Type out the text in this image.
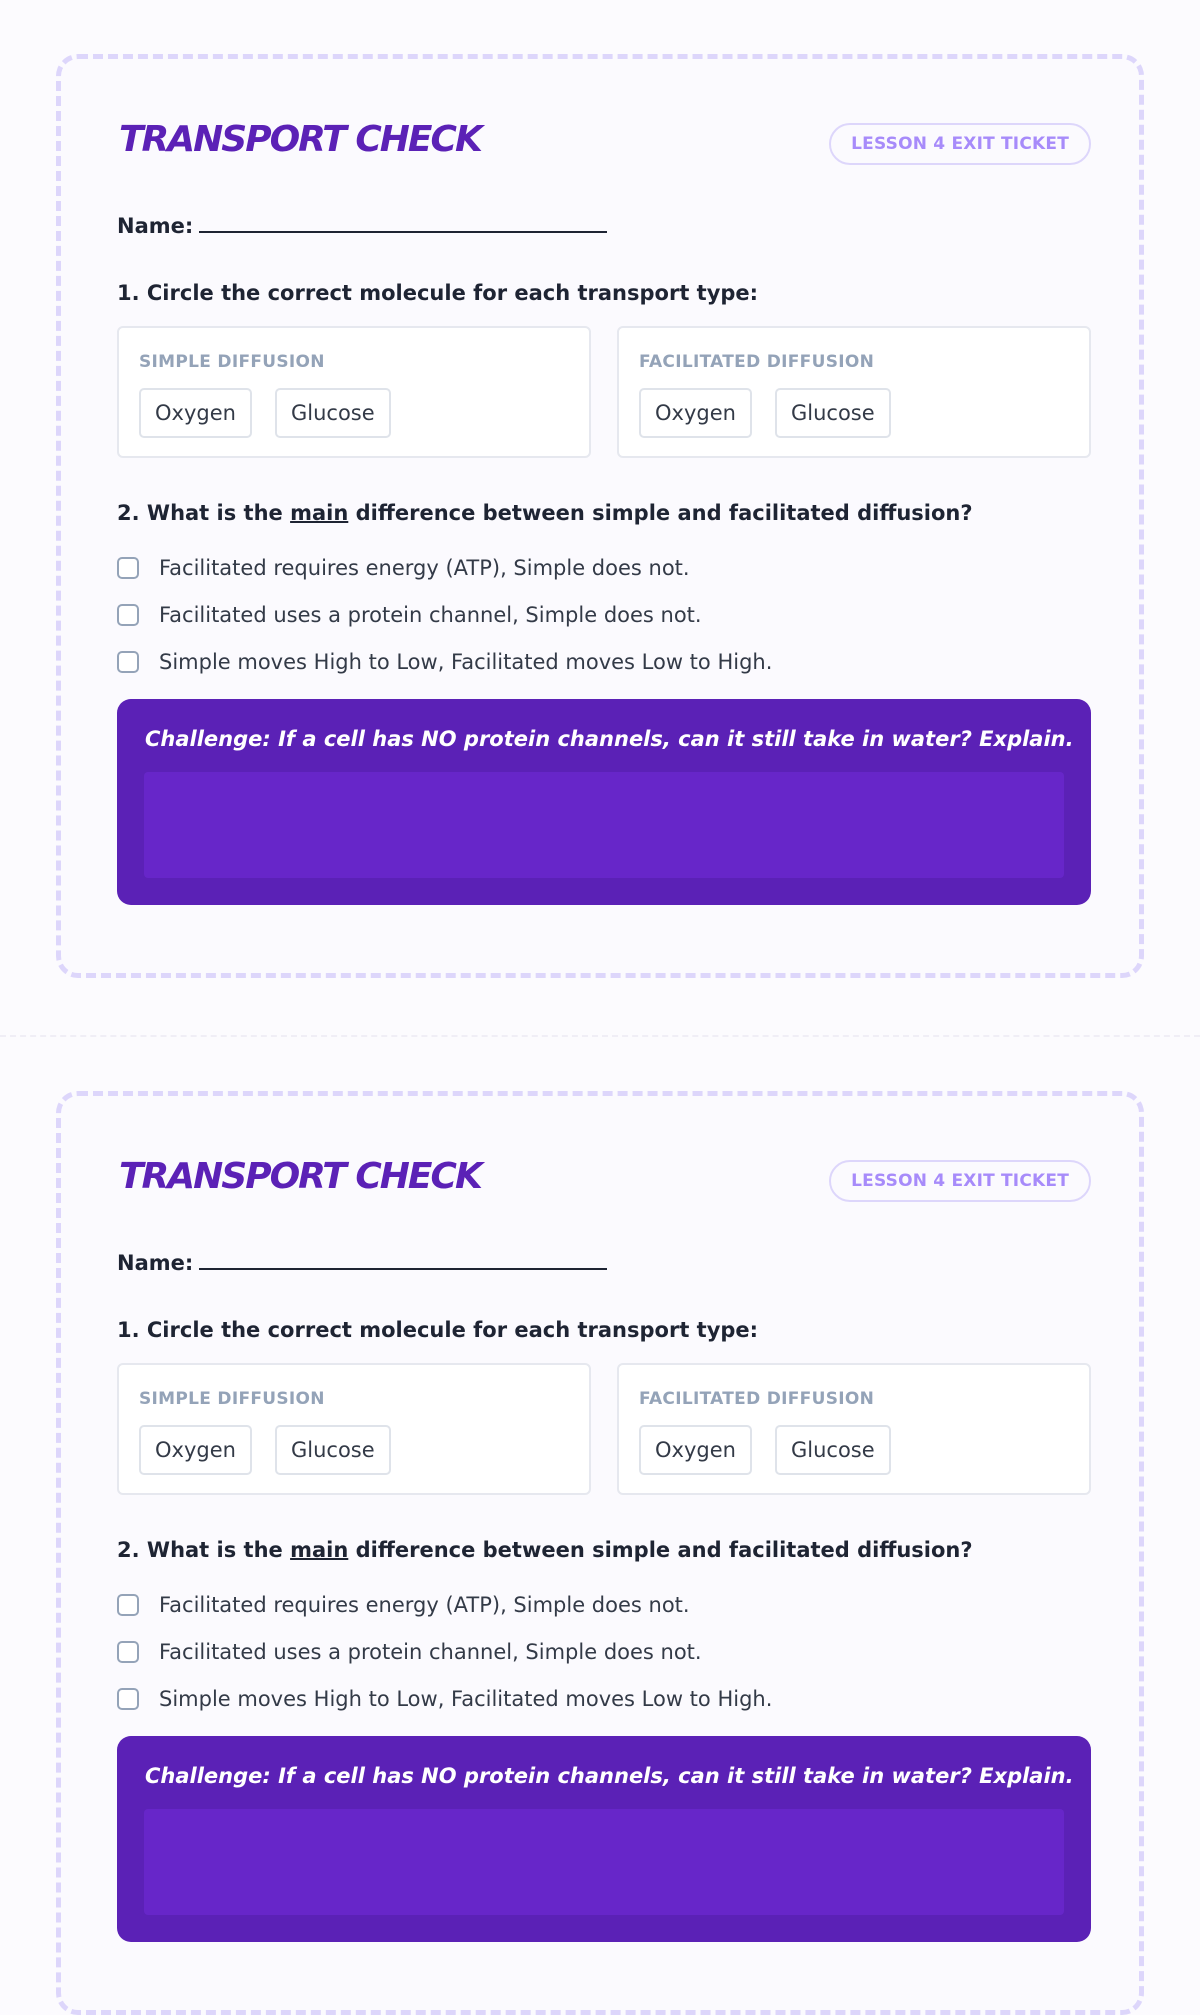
TRANSPORT CHECK	LESSON 4 EXIT TICKET
Name:

1. Circle the correct molecule for each transport type:

SIMPLE DIFFUSION
Oxygen	Glucose
FACILITATED DIFFUSION
Oxygen	Glucose

2. What is the main difference between simple and facilitated diffusion?

Facilitated requires energy (ATP), Simple does not.
Facilitated uses a protein channel, Simple does not.
Simple moves High to Low, Facilitated moves Low to High.
Challenge: If a cell has NO protein channels, can it still take in water? Explain.
TRANSPORT CHECK	LESSON 4 EXIT TICKET
Name:

1. Circle the correct molecule for each transport type:

SIMPLE DIFFUSION
Oxygen	Glucose
FACILITATED DIFFUSION
Oxygen	Glucose

2. What is the main difference between simple and facilitated diffusion?

Facilitated requires energy (ATP), Simple does not.
Facilitated uses a protein channel, Simple does not.
Simple moves High to Low, Facilitated moves Low to High.
Challenge: If a cell has NO protein channels, can it still take in water? Explain.
